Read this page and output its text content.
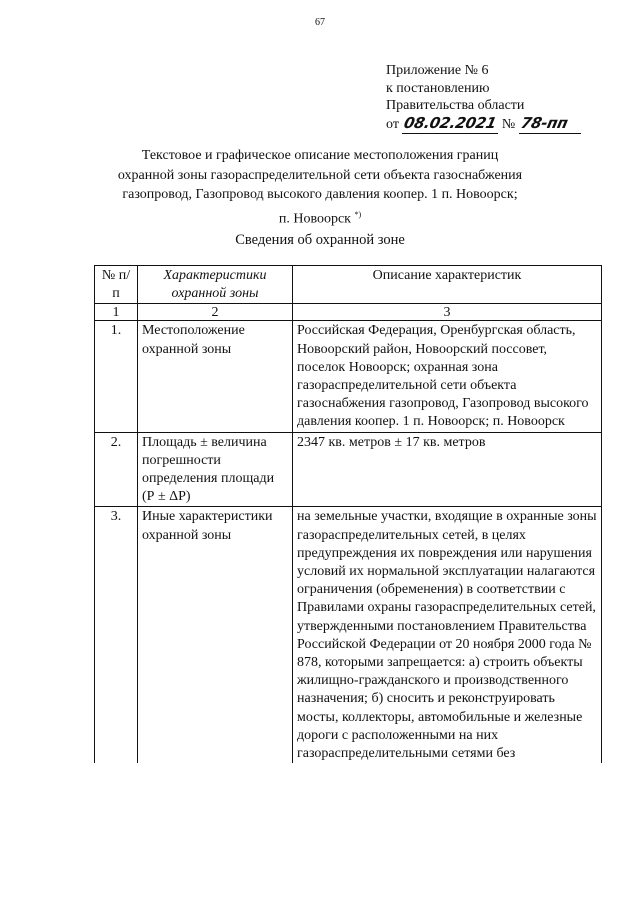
67
Приложение № 6
к постановлению
Правительства области
от 08.02.2021 № 78-пп
Текстовое и графическое описание местоположения границ
охранной зоны газораспределительной сети объекта газоснабжения
газопровод, Газопровод высокого давления коопер. 1 п. Новоорск;
п. Новоорск *)
Сведения об охранной зоне
№ п/п	Характеристики охранной зоны	Описание характеристик
1	2	3
1.	Местоположение охранной зоны	Российская Федерация, Оренбургская область, Новоорский район, Новоорский поссовет, поселок Новоорск; охранная зона газораспределительной сети объекта газоснабжения газопровод, Газопровод высокого давления коопер. 1 п. Новоорск; п. Новоорск
2.	Площадь ± величина погрешности определения площади (Р ± ΔР)	2347 кв. метров ± 17 кв. метров
3.	Иные характеристики охранной зоны	на земельные участки, входящие в охранные зоны газораспределительных сетей, в целях предупреждения их повреждения или нарушения условий их нормальной эксплуатации налагаются ограничения (обременения) в соответствии с Правилами охраны газораспределительных сетей, утвержденными постановлением Правительства Российской Федерации от 20 ноября 2000 года № 878, которыми запрещается: а) строить объекты жилищно-гражданского и производственного назначения; б) сносить и реконструировать мосты, коллекторы, автомобильные и железные дороги с расположенными на них газораспределительными сетями без
